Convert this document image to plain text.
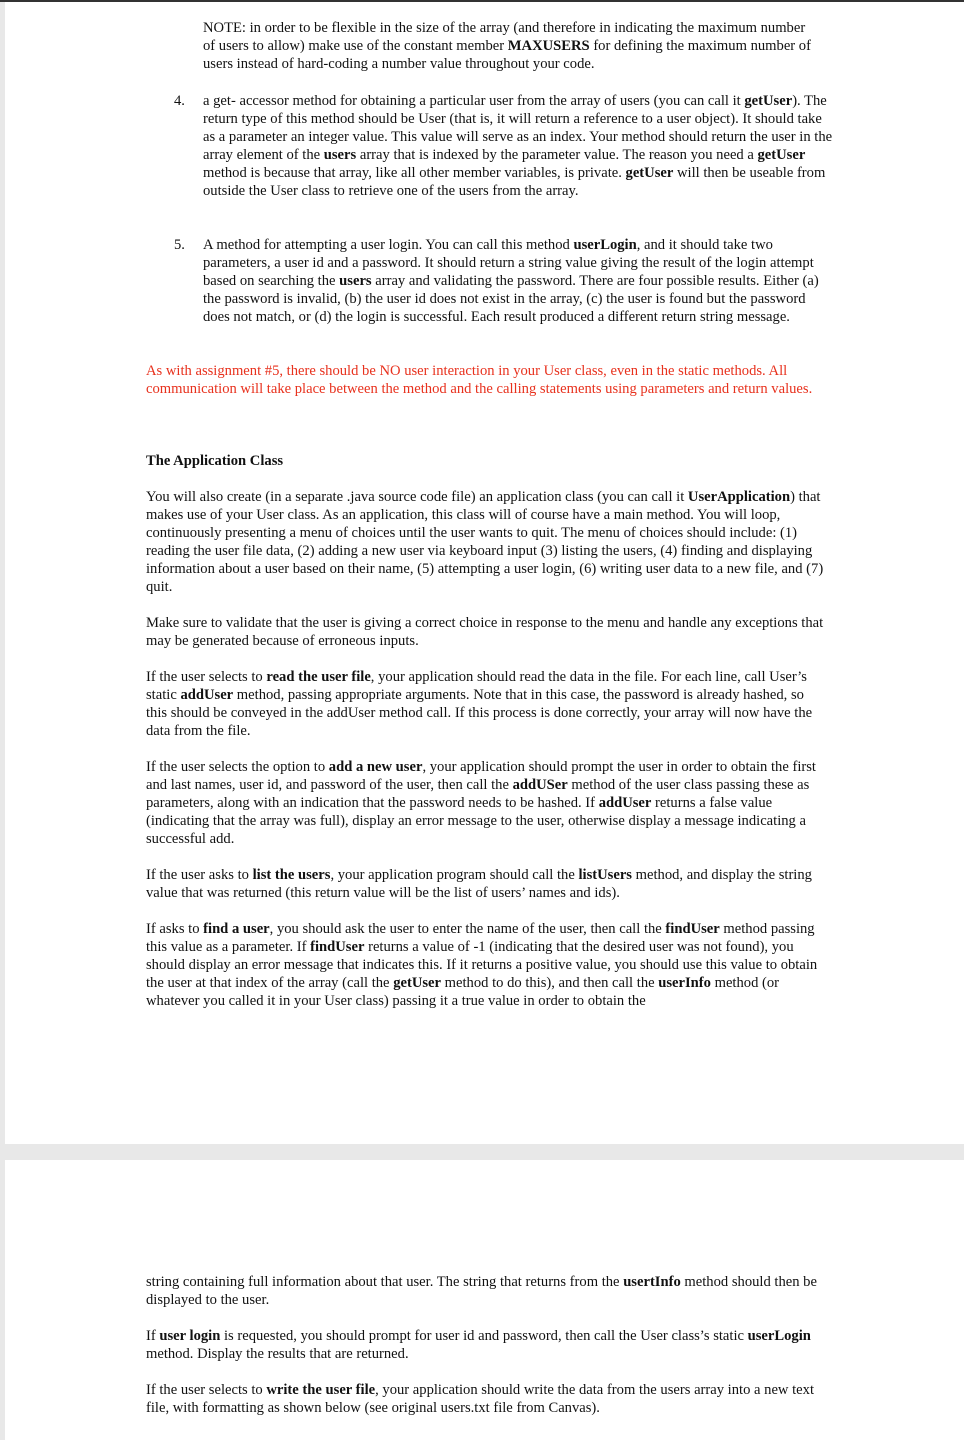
NOTE: in order to be flexible in the size of the array (and therefore in indicating the maximum number of users to allow) make use of the constant member MAXUSERS for defining the maximum number of users instead of hard-coding a number value throughout your code.

4. a get- accessor method for obtaining a particular user from the array of users (you can call it getUser). The return type of this method should be User (that is, it will return a reference to a user object). It should take as a parameter an integer value. This value will serve as an index. Your method should return the user in the array element of the users array that is indexed by the parameter value. The reason you need a getUser method is because that array, like all other member variables, is private. getUser will then be useable from outside the User class to retrieve one of the users from the array.

5. A method for attempting a user login. You can call this method userLogin, and it should take two parameters, a user id and a password. It should return a string value giving the result of the login attempt based on searching the users array and validating the password. There are four possible results. Either (a) the password is invalid, (b) the user id does not exist in the array, (c) the user is found but the password does not match, or (d) the login is successful. Each result produced a different return string message.

As with assignment #5, there should be NO user interaction in your User class, even in the static methods. All communication will take place between the method and the calling statements using parameters and return values.

The Application Class

You will also create (in a separate .java source code file) an application class (you can call it UserApplication) that makes use of your User class. As an application, this class will of course have a main method. You will loop, continuously presenting a menu of choices until the user wants to quit. The menu of choices should include: (1) reading the user file data, (2) adding a new user via keyboard input (3) listing the users, (4) finding and displaying information about a user based on their name, (5) attempting a user login, (6) writing user data to a new file, and (7) quit.

Make sure to validate that the user is giving a correct choice in response to the menu and handle any exceptions that may be generated because of erroneous inputs.

If the user selects to read the user file, your application should read the data in the file. For each line, call User’s static addUser method, passing appropriate arguments. Note that in this case, the password is already hashed, so this should be conveyed in the addUser method call. If this process is done correctly, your array will now have the data from the file.

If the user selects the option to add a new user, your application should prompt the user in order to obtain the first and last names, user id, and password of the user, then call the addUSer method of the user class passing these as parameters, along with an indication that the password needs to be hashed. If addUser returns a false value (indicating that the array was full), display an error message to the user, otherwise display a message indicating a successful add.

If the user asks to list the users, your application program should call the listUsers method, and display the string value that was returned (this return value will be the list of users’ names and ids).

If asks to find a user, you should ask the user to enter the name of the user, then call the findUser method passing this value as a parameter. If findUser returns a value of -1 (indicating that the desired user was not found), you should display an error message that indicates this. If it returns a positive value, you should use this value to obtain the user at that index of the array (call the getUser method to do this), and then call the userInfo method (or whatever you called it in your User class) passing it a true value in order to obtain the

string containing full information about that user. The string that returns from the usertInfo method should then be displayed to the user.

If user login is requested, you should prompt for user id and password, then call the User class’s static userLogin method. Display the results that are returned.

If the user selects to write the user file, your application should write the data from the users array into a new text file, with formatting as shown below (see original users.txt file from Canvas).
